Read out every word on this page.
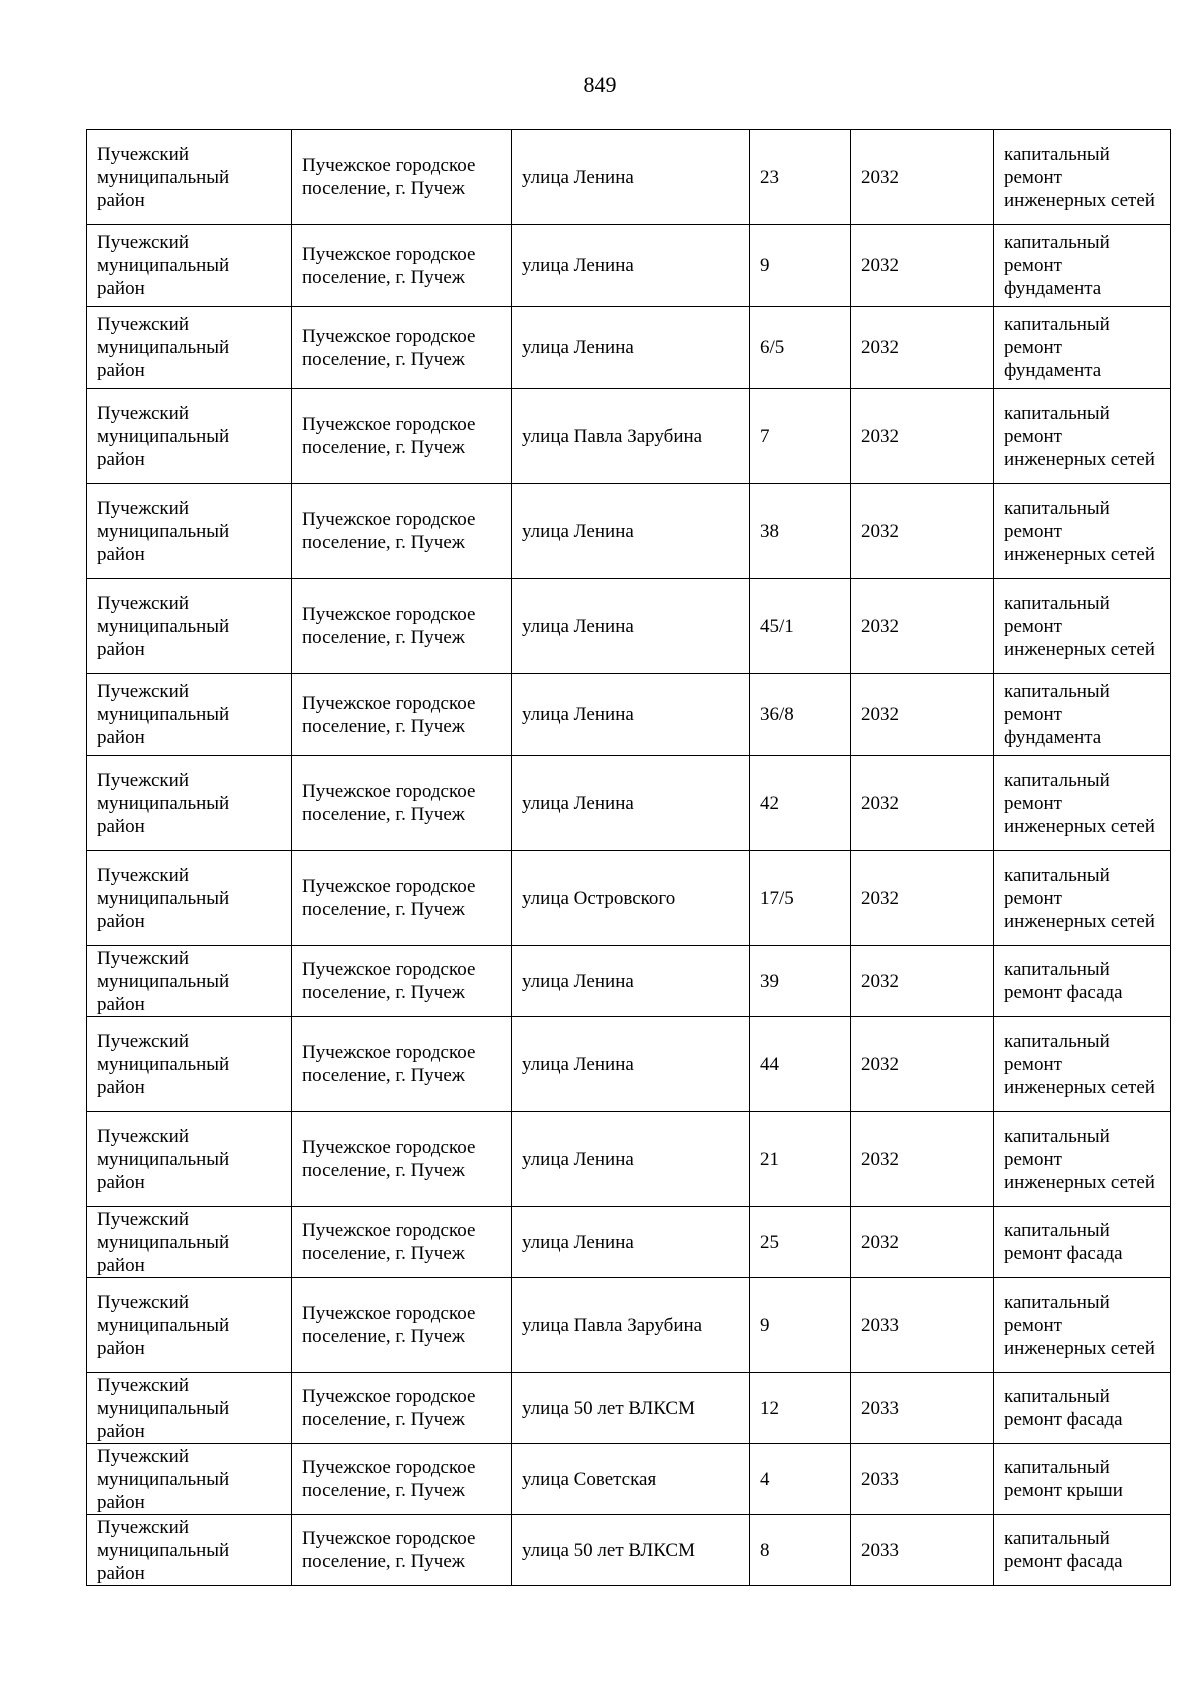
849
Пучежский муниципальный район	Пучежское городское поселение, г. Пучеж	улица Ленина	23	2032	капитальный ремонт инженерных сетей
Пучежский муниципальный район	Пучежское городское поселение, г. Пучеж	улица Ленина	9	2032	капитальный ремонт фундамента
Пучежский муниципальный район	Пучежское городское поселение, г. Пучеж	улица Ленина	6/5	2032	капитальный ремонт фундамента
Пучежский муниципальный район	Пучежское городское поселение, г. Пучеж	улица Павла Зарубина	7	2032	капитальный ремонт инженерных сетей
Пучежский муниципальный район	Пучежское городское поселение, г. Пучеж	улица Ленина	38	2032	капитальный ремонт инженерных сетей
Пучежский муниципальный район	Пучежское городское поселение, г. Пучеж	улица Ленина	45/1	2032	капитальный ремонт инженерных сетей
Пучежский муниципальный район	Пучежское городское поселение, г. Пучеж	улица Ленина	36/8	2032	капитальный ремонт фундамента
Пучежский муниципальный район	Пучежское городское поселение, г. Пучеж	улица Ленина	42	2032	капитальный ремонт инженерных сетей
Пучежский муниципальный район	Пучежское городское поселение, г. Пучеж	улица Островского	17/5	2032	капитальный ремонт инженерных сетей
Пучежский муниципальный район	Пучежское городское поселение, г. Пучеж	улица Ленина	39	2032	капитальный ремонт фасада
Пучежский муниципальный район	Пучежское городское поселение, г. Пучеж	улица Ленина	44	2032	капитальный ремонт инженерных сетей
Пучежский муниципальный район	Пучежское городское поселение, г. Пучеж	улица Ленина	21	2032	капитальный ремонт инженерных сетей
Пучежский муниципальный район	Пучежское городское поселение, г. Пучеж	улица Ленина	25	2032	капитальный ремонт фасада
Пучежский муниципальный район	Пучежское городское поселение, г. Пучеж	улица Павла Зарубина	9	2033	капитальный ремонт инженерных сетей
Пучежский муниципальный район	Пучежское городское поселение, г. Пучеж	улица 50 лет ВЛКСМ	12	2033	капитальный ремонт фасада
Пучежский муниципальный район	Пучежское городское поселение, г. Пучеж	улица Советская	4	2033	капитальный ремонт крыши
Пучежский муниципальный район	Пучежское городское поселение, г. Пучеж	улица 50 лет ВЛКСМ	8	2033	капитальный ремонт фасада
